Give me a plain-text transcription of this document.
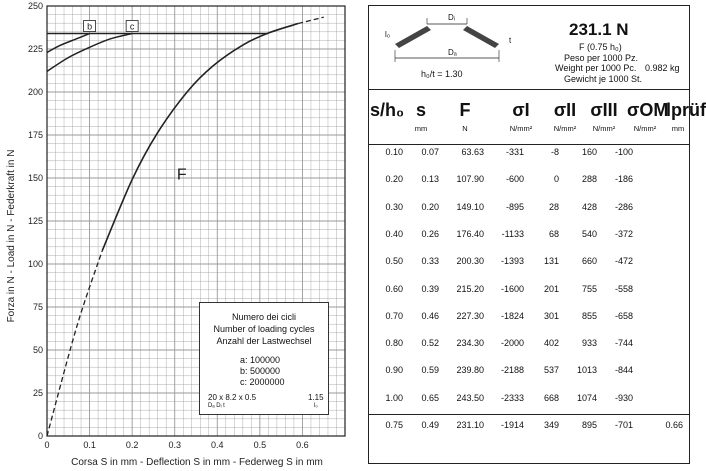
0
25
50
75
100
125
150
175
200
225
250
0	0.1	0.2	0.3	0.4	0.5	0.6
F
b	c
Forza in N - Load in N - Federkraft in N
Corsa S in mm - Deflection S in mm - Federweg S in mm
Numero dei cicli
Number of loading cycles
Anzahl der Lastwechsel
a: 100000
b: 500000
c: 2000000
20 x 8.2 x 0.5
Dₐ Dᵢ t
1.15
l₀
Dᵢ
Dₐ
l₀
t
h₀/t = 1.30
231.1 N
F (0.75 h₀)
Peso per 1000 Pz.
Weight per 1000 Pc. 0.982 kg
Gewicht je 1000 St.
s/h₀ s
mm
F
N
σI
N/mm²
σII
N/mm²
σIII
N/mm²
σOM
N/mm²
lprüf
mm
0.10	0.07	63.63	-331	-8	160	-100
0.20	0.13	107.90	-600	0	288	-186
0.30	0.20	149.10	-895	28	428	-286
0.40	0.26	176.40	-1133	68	540	-372
0.50	0.33	200.30	-1393	131	660	-472
0.60	0.39	215.20	-1600	201	755	-558
0.70	0.46	227.30	-1824	301	855	-658
0.80	0.52	234.30	-2000	402	933	-744
0.90	0.59	239.80	-2188	537	1013	-844
1.00	0.65	243.50	-2333	668	1074	-930
0.75	0.49	231.10	-1914	349	895	-701	0.66
